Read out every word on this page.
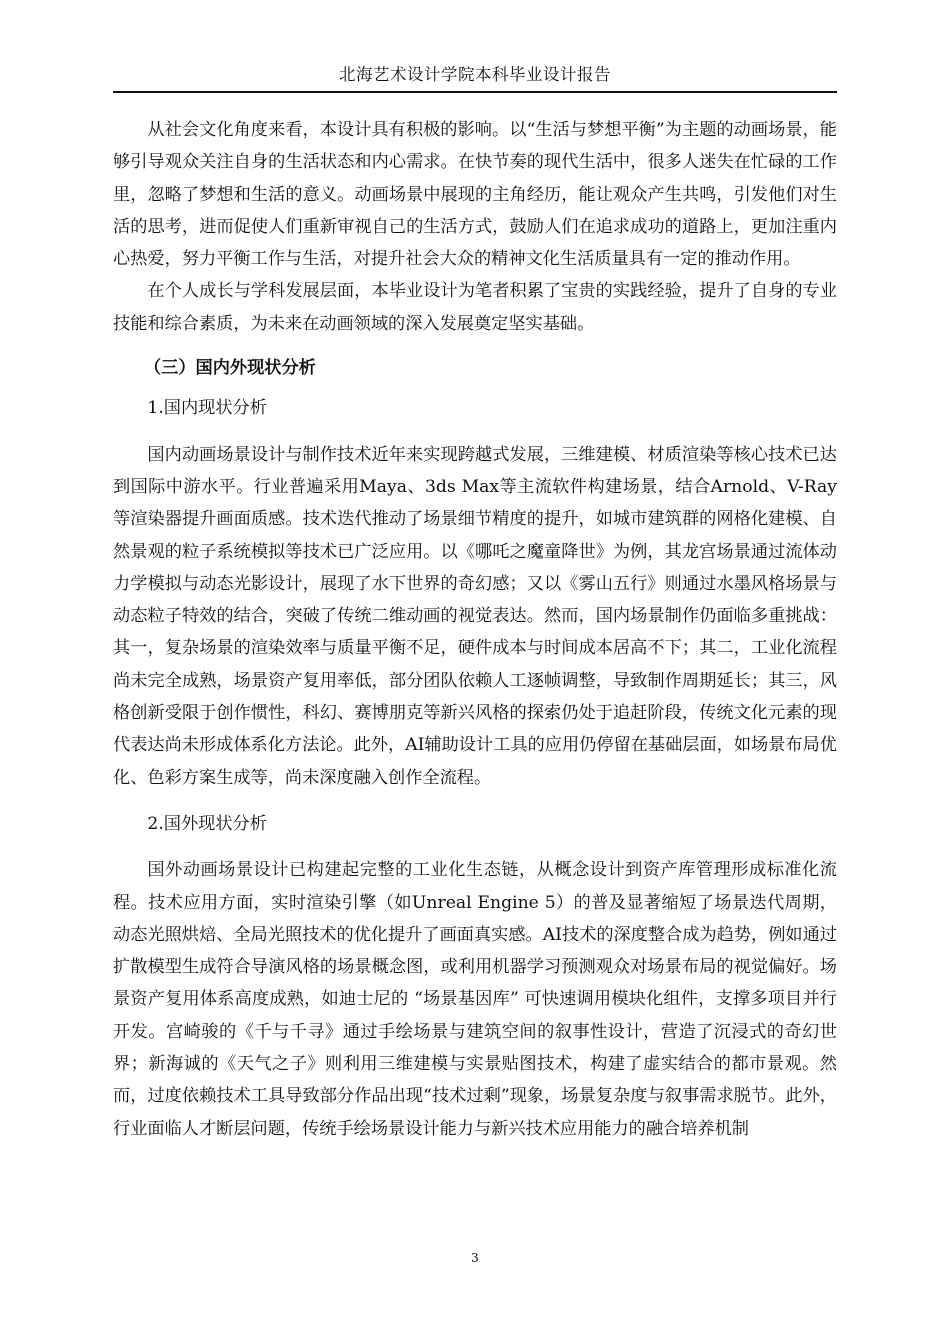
北海艺术设计学院本科毕业设计报告

从社会文化角度来看，本设计具有积极的影响。以“生活与梦想平衡”为主题的动画场景，能够引导观众关注自身的生活状态和内心需求。在快节奏的现代生活中，很多人迷失在忙碌的工作里，忽略了梦想和生活的意义。动画场景中展现的主角经历，能让观众产生共鸣，引发他们对生活的思考，进而促使人们重新审视自己的生活方式，鼓励人们在追求成功的道路上，更加注重内心热爱，努力平衡工作与生活，对提升社会大众的精神文化生活质量具有一定的推动作用。

在个人成长与学科发展层面，本毕业设计为笔者积累了宝贵的实践经验，提升了自身的专业技能和综合素质，为未来在动画领域的深入发展奠定坚实基础。

（三）国内外现状分析
1.国内现状分析

国内动画场景设计与制作技术近年来实现跨越式发展，三维建模、材质渲染等核心技术已达到国际中游水平。行业普遍采用Maya、3ds Max等主流软件构建场景，结合Arnold、V-Ray等渲染器提升画面质感。技术迭代推动了场景细节精度的提升，如城市建筑群的网格化建模、自然景观的粒子系统模拟等技术已广泛应用。以《哪吒之魔童降世》为例，其龙宫场景通过流体动力学模拟与动态光影设计，展现了水下世界的奇幻感；又以《雾山五行》则通过水墨风格场景与动态粒子特效的结合，突破了传统二维动画的视觉表达。然而，国内场景制作仍面临多重挑战：其一，复杂场景的渲染效率与质量平衡不足，硬件成本与时间成本居高不下；其二，工业化流程尚未完全成熟，场景资产复用率低，部分团队依赖人工逐帧调整，导致制作周期延长；其三，风格创新受限于创作惯性，科幻、赛博朋克等新兴风格的探索仍处于追赶阶段，传统文化元素的现代表达尚未形成体系化方法论。此外，AI辅助设计工具的应用仍停留在基础层面，如场景布局优化、色彩方案生成等，尚未深度融入创作全流程。

2.国外现状分析

国外动画场景设计已构建起完整的工业化生态链，从概念设计到资产库管理形成标准化流程。技术应用方面，实时渲染引擎（如Unreal Engine 5）的普及显著缩短了场景迭代周期，动态光照烘焙、全局光照技术的优化提升了画面真实感。AI技术的深度整合成为趋势，例如通过扩散模型生成符合导演风格的场景概念图，或利用机器学习预测观众对场景布局的视觉偏好。场景资产复用体系高度成熟，如迪士尼的 “场景基因库” 可快速调用模块化组件，支撑多项目并行开发。宫崎骏的《千与千寻》通过手绘场景与建筑空间的叙事性设计，营造了沉浸式的奇幻世界；新海诚的《天气之子》则利用三维建模与实景贴图技术，构建了虚实结合的都市景观。然而，过度依赖技术工具导致部分作品出现“技术过剩”现象，场景复杂度与叙事需求脱节。此外，行业面临人才断层问题，传统手绘场景设计能力与新兴技术应用能力的融合培养机制

3
